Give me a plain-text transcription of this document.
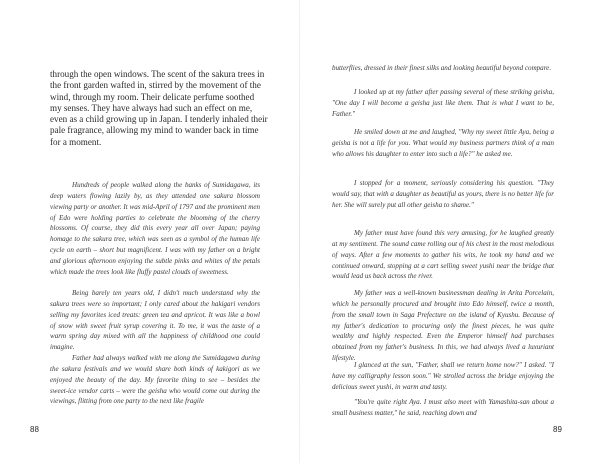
through the open windows. The scent of the sakura trees in the front garden wafted in, stirred by the movement of the wind, through my room. Their delicate perfume soothed my senses. They have always had such an effect on me, even as a child growing up in Japan. I tenderly inhaled their pale fragrance, allowing my mind to wander back in time for a moment.

Hundreds of people walked along the banks of Sumidagawa, its deep waters flowing lazily by, as they attended one sakura blossom viewing party or another. It was mid-April of 1797 and the prominent men of Edo were holding parties to celebrate the blooming of the cherry blossoms. Of course, they did this every year all over Japan; paying homage to the sakura tree, which was seen as a symbol of the human life cycle on earth – short but magnificent. I was with my father on a bright and glorious afternoon enjoying the subtle pinks and whites of the petals which made the trees look like fluffy pastel clouds of sweetness.

Being barely ten years old, I didn't much understand why the sakura trees were so important; I only cared about the hakigari vendors selling my favorites iced treats: green tea and apricot. It was like a bowl of snow with sweet fruit syrup covering it. To me, it was the taste of a warm spring day mixed with all the happiness of childhood one could imagine.

Father had always walked with me along the Sumidagawa during the sakura festivals and we would share both kinds of kakigori as we enjoyed the beauty of the day. My favorite thing to see – besides the sweet-ice vendor carts – were the geisha who would come out during the viewings, flitting from one party to the next like fragile

88

butterflies, dressed in their finest silks and looking beautiful beyond compare.

I looked up at my father after passing several of these striking geisha, "One day I will become a geisha just like them. That is what I want to be, Father."

He smiled down at me and laughed, "Why my sweet little Aya, being a geisha is not a life for you. What would my business partners think of a man who allows his daughter to enter into such a life?" he asked me.

I stopped for a moment, seriously considering his question. "They would say, that with a daughter as beautiful as yours, there is no better life for her. She will surely put all other geisha to shame."

My father must have found this very amusing, for he laughed greatly at my sentiment. The sound came rolling out of his chest in the most melodious of ways. After a few moments to gather his wits, he took my hand and we continued onward, stopping at a cart selling sweet yushi near the bridge that would lead us back across the river.

My father was a well-known businessman dealing in Arita Porcelain, which he personally procured and brought into Edo himself, twice a month, from the small town in Saga Prefecture on the island of Kyushu. Because of my father's dedication to procuring only the finest pieces, he was quite wealthy and highly respected. Even the Emperor himself had purchases obtained from my father's business. In this, we had always lived a luxuriant lifestyle.

I glanced at the sun, "Father, shall we return home now?" I asked. "I have my calligraphy lesson soon." We strolled across the bridge enjoying the delicious sweet yushi, in warm and tasty.

"You're quite right Aya. I must also meet with Yamashita-san about a small business matter," he said, reaching down and

89
